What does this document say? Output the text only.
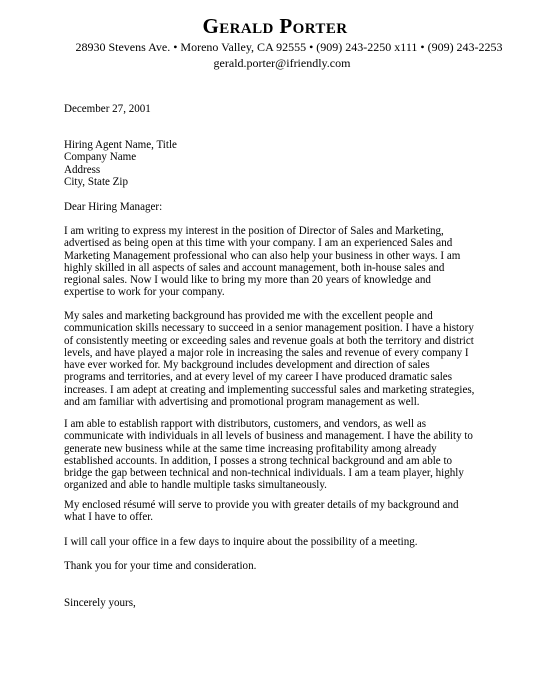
Gerald Porter
28930 Stevens Ave. • Moreno Valley, CA 92555 • (909) 243-2250 x111 • (909) 243-2253
gerald.porter@ifriendly.com
December 27, 2001
Hiring Agent Name, Title
Company Name
Address
City, State Zip
Dear Hiring Manager:
I am writing to express my interest in the position of Director of Sales and Marketing,
advertised as being open at this time with your company. I am an experienced Sales and
Marketing Management professional who can also help your business in other ways. I am
highly skilled in all aspects of sales and account management, both in-house sales and
regional sales. Now I would like to bring my more than 20 years of knowledge and
expertise to work for your company.
My sales and marketing background has provided me with the excellent people and
communication skills necessary to succeed in a senior management position. I have a history
of consistently meeting or exceeding sales and revenue goals at both the territory and district
levels, and have played a major role in increasing the sales and revenue of every company I
have ever worked for. My background includes development and direction of sales
programs and territories, and at every level of my career I have produced dramatic sales
increases. I am adept at creating and implementing successful sales and marketing strategies,
and am familiar with advertising and promotional program management as well.
I am able to establish rapport with distributors, customers, and vendors, as well as
communicate with individuals in all levels of business and management. I have the ability to
generate new business while at the same time increasing profitability among already
established accounts. In addition, I posses a strong technical background and am able to
bridge the gap between technical and non-technical individuals. I am a team player, highly
organized and able to handle multiple tasks simultaneously.
My enclosed résumé will serve to provide you with greater details of my background and
what I have to offer.
I will call your office in a few days to inquire about the possibility of a meeting.
Thank you for your time and consideration.
Sincerely yours,
